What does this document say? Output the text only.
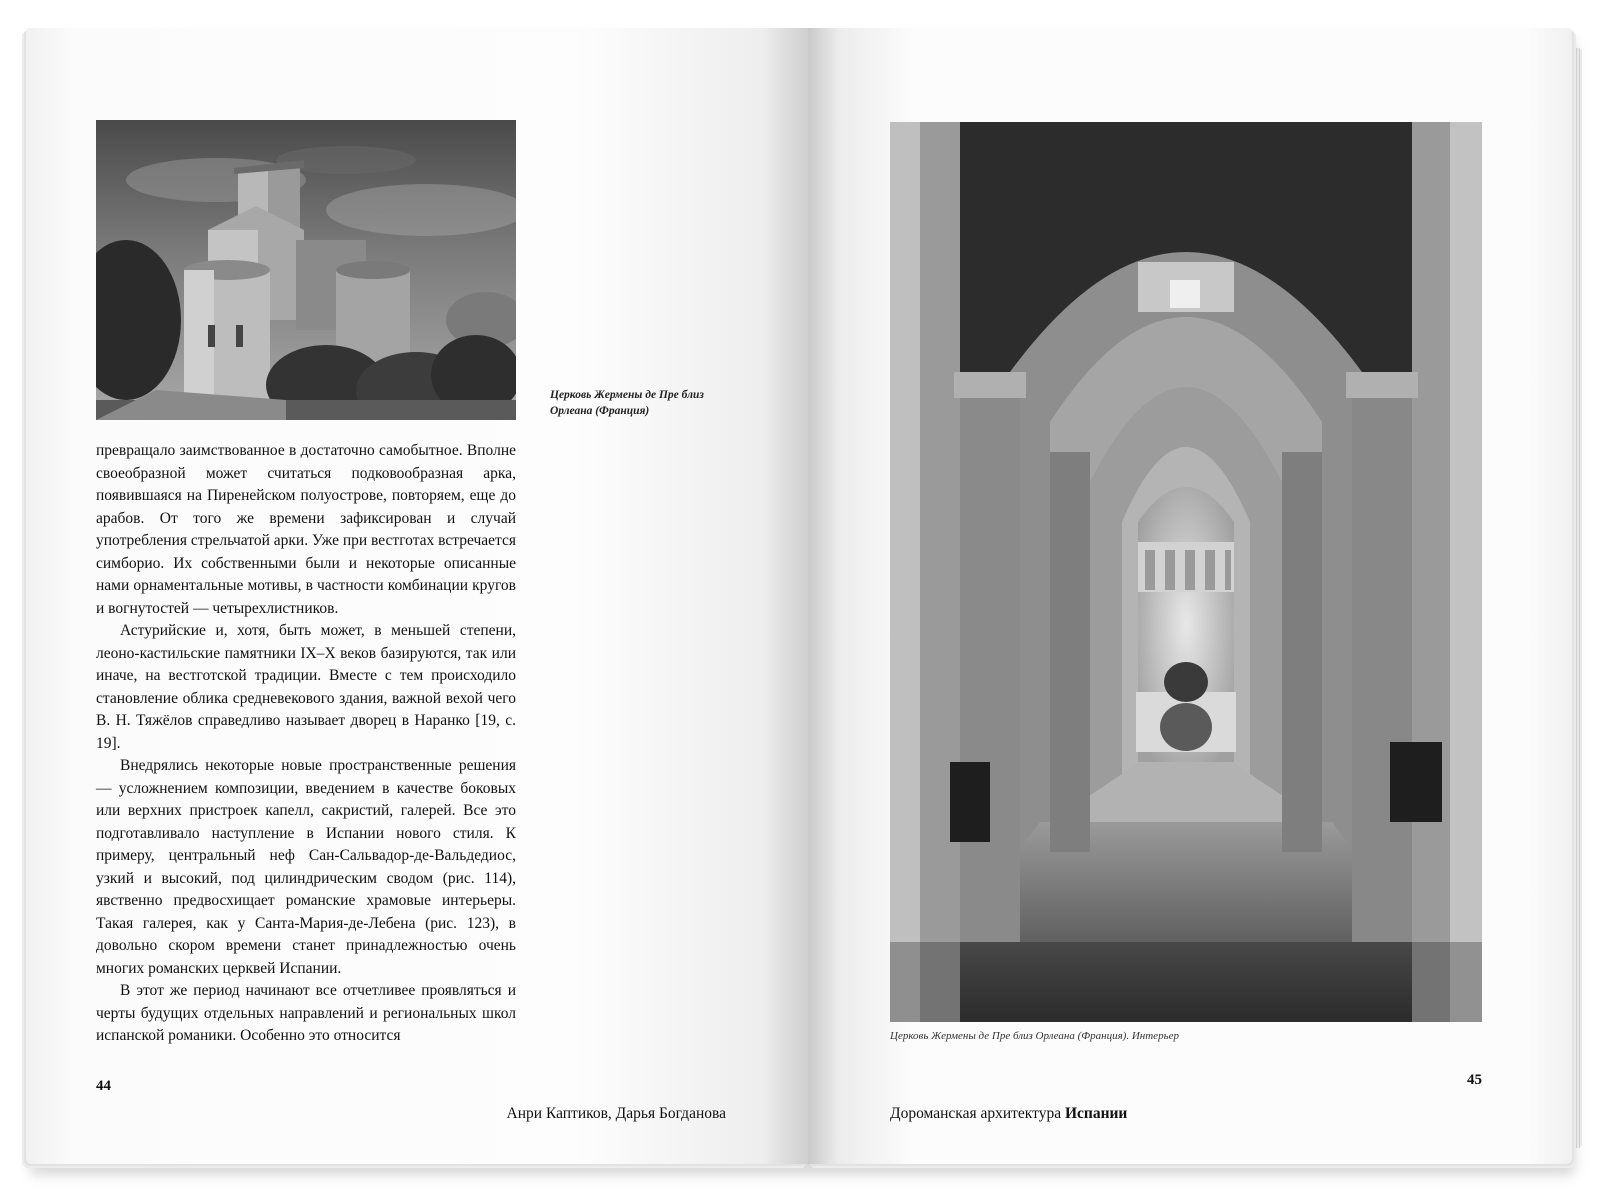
Церковь Жермены де Пре близ Орлеана (Франция)

превращало заимствованное в достаточно самобытное. Вполне своеобразной может считаться подковообразная арка, появившаяся на Пиренейском полуострове, повторяем, еще до арабов. От того же времени зафиксирован и случай употребления стрельчатой арки. Уже при вестготах встречается симборио. Их собственными были и некоторые описанные нами орнаментальные мотивы, в частности комбинации кругов и вогнутостей — четырехлистников.

Астурийские и, хотя, быть может, в меньшей степени, леоно-кастильские памятники IX–X веков базируются, так или иначе, на вестготской традиции. Вместе с тем происходило становление облика средневекового здания, важной вехой чего В. Н. Тяжёлов справедливо называет дворец в Наранко [19, с. 19].

Внедрялись некоторые новые пространственные решения — усложнением композиции, введением в качестве боковых или верхних пристроек капелл, сакристий, галерей. Все это подготавливало наступление в Испании нового стиля. К примеру, центральный неф Сан-Сальвадор-де-Вальдедиос, узкий и высокий, под цилиндрическим сводом (рис. 114), явственно предвосхищает романские храмовые интерьеры. Такая галерея, как у Санта-Мария-де-Лебена (рис. 123), в довольно скором времени станет принадлежностью очень многих романских церквей Испании.

В этот же период начинают все отчетливее проявляться и черты будущих отдельных направлений и региональных школ испанской романики. Особенно это относится

44
Анри Каптиков, Дарья Богданова
Церковь Жермены де Пре близ Орлеана (Франция). Интерьер
45
Дороманская архитектура Испании
